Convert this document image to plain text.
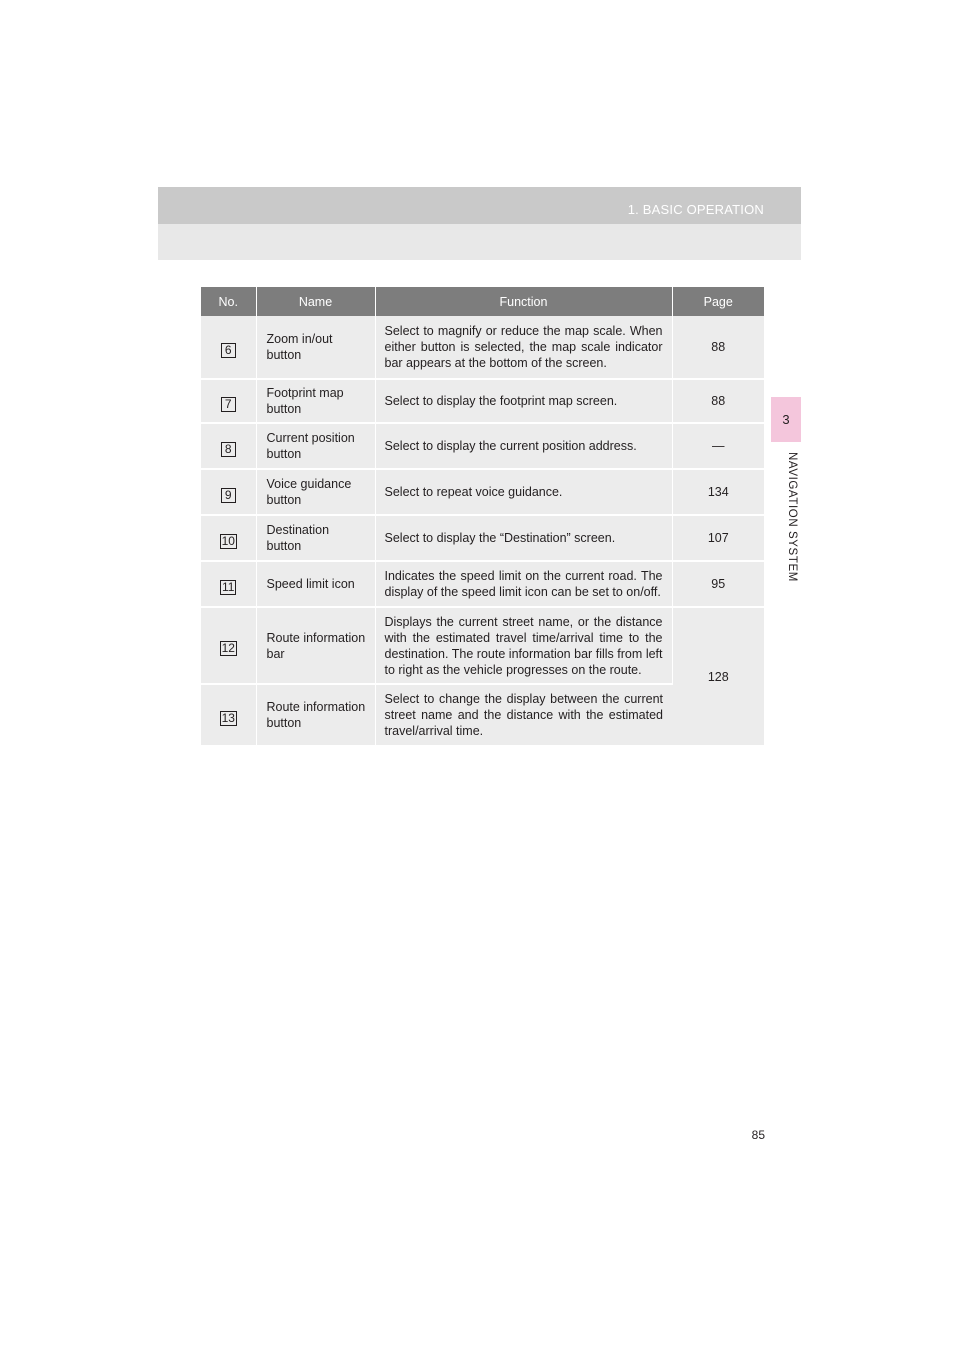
1. BASIC OPERATION
3
NAVIGATION SYSTEM
No.	Name	Function	Page
6	Zoom in/out button	Select to magnify or reduce the map scale. When either button is selected, the map scale indicator bar appears at the bottom of the screen.	88
7	Footprint map button	Select to display the footprint map screen.	88
8	Current position button	Select to display the current position address.	—
9	Voice guidance button	Select to repeat voice guidance.	134
10	Destination button	Select to display the “Destination” screen.	107
11	Speed limit icon	Indicates the speed limit on the current road. The display of the speed limit icon can be set to on/off.	95
12	Route information bar	Displays the current street name, or the distance with the estimated travel time/arrival time to the destination. The route information bar fills from left to right as the vehicle progresses on the route.	128
13	Route information button	Select to change the display between the current street name and the distance with the estimated travel/arrival time.	
85
